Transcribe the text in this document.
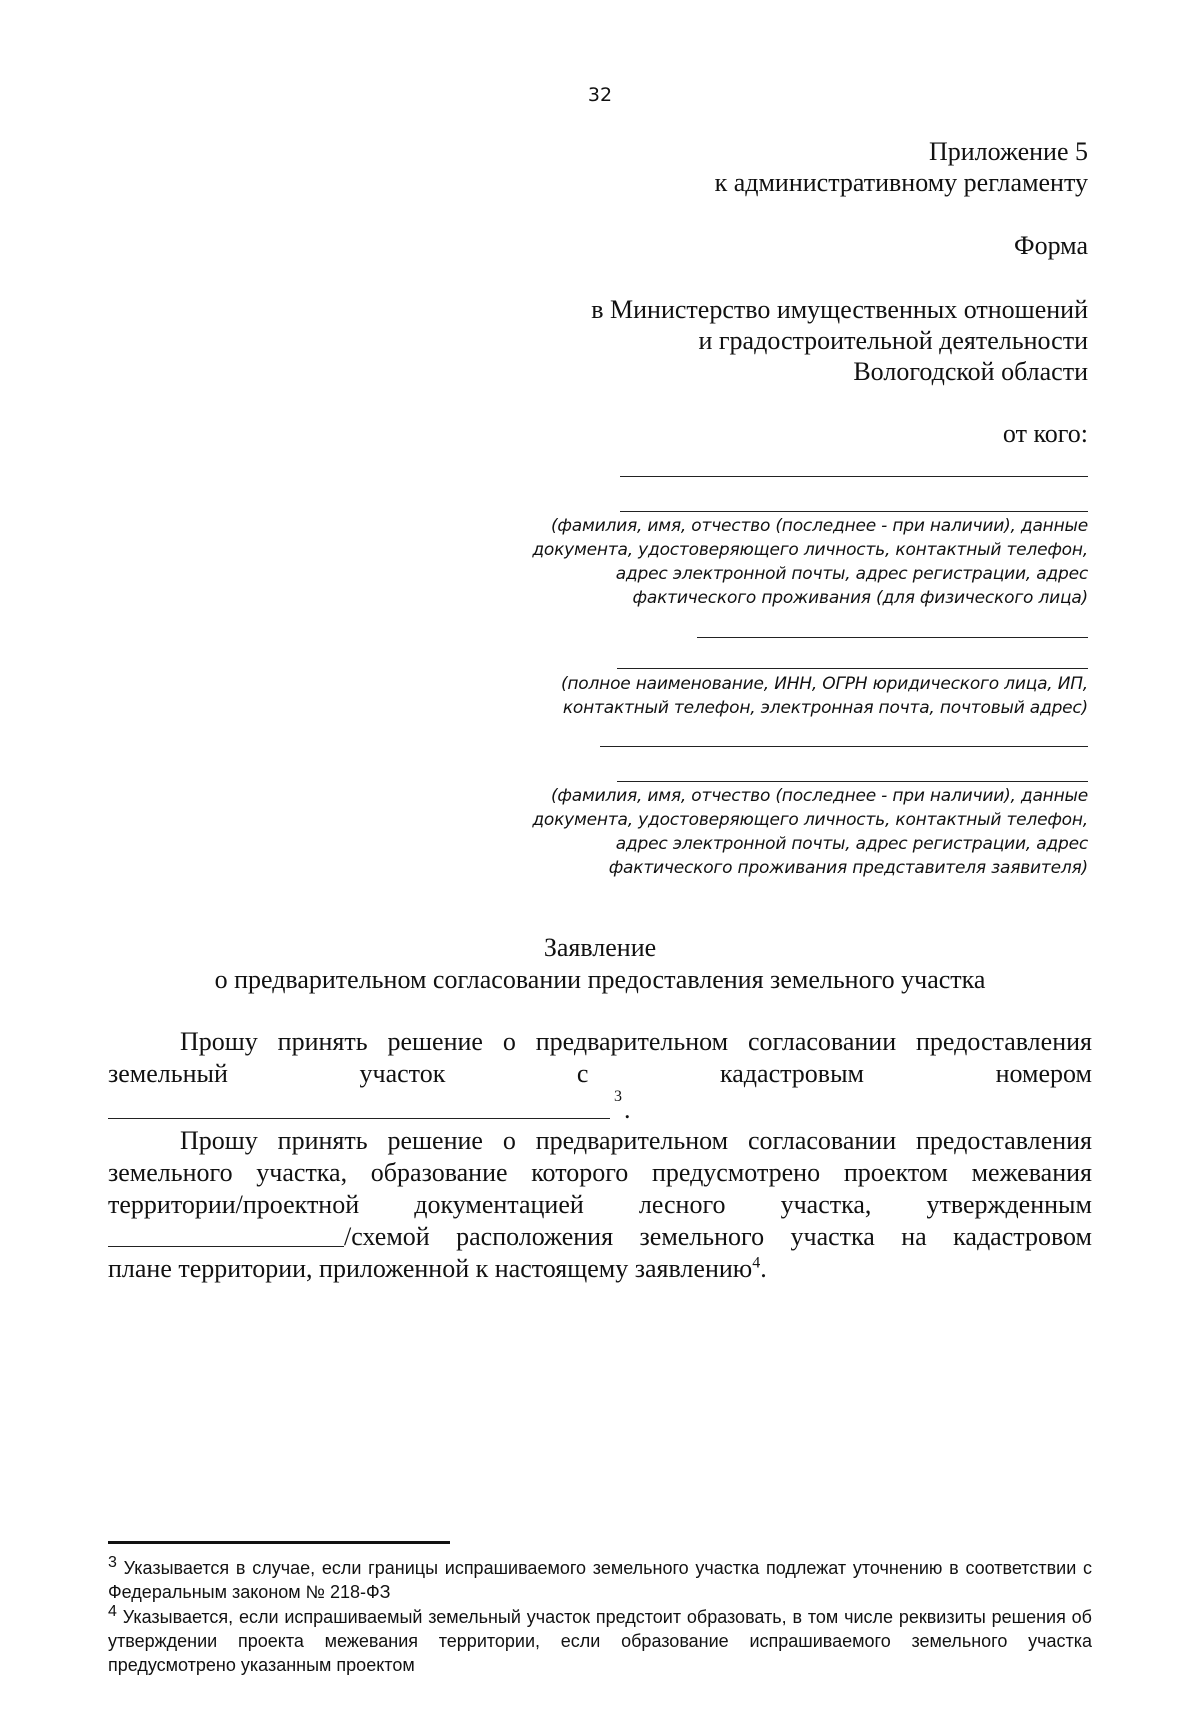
32
Приложение 5
к административному регламенту
Форма
в Министерство имущественных отношений
и градостроительной деятельности
Вологодской области
от кого:
(фамилия, имя, отчество (последнее - при наличии), данные
документа, удостоверяющего личность, контактный телефон,
адрес электронной почты, адрес регистрации, адрес
фактического проживания (для физического лица)
(полное наименование, ИНН, ОГРН юридического лица, ИП,
контактный телефон, электронная почта, почтовый адрес)
(фамилия, имя, отчество (последнее - при наличии), данные
документа, удостоверяющего личность, контактный телефон,
адрес электронной почты, адрес регистрации, адрес
фактического проживания представителя заявителя)
Заявление
о предварительном согласовании предоставления земельного участка
Прошу принять решение о предварительном согласовании предоставления
земельный	участок	с	кадастровым	номером
3 .
Прошу принять решение о предварительном согласовании предоставления
земельного участка, образование которого предусмотрено проектом межевания
территории/проектной документацией лесного участка, утвержденным
/схемой расположения земельного участка на кадастровом
плане территории, приложенной к настоящему заявлению$^4$.
$^3$ Указывается в случае, если границы испрашиваемого земельного участка подлежат уточнению в соответствии с Федеральным законом № 218-ФЗ
$^4$ Указывается, если испрашиваемый земельный участок предстоит образовать, в том числе реквизиты решения об утверждении проекта межевания территории, если образование испрашиваемого земельного участка предусмотрено указанным проектом
